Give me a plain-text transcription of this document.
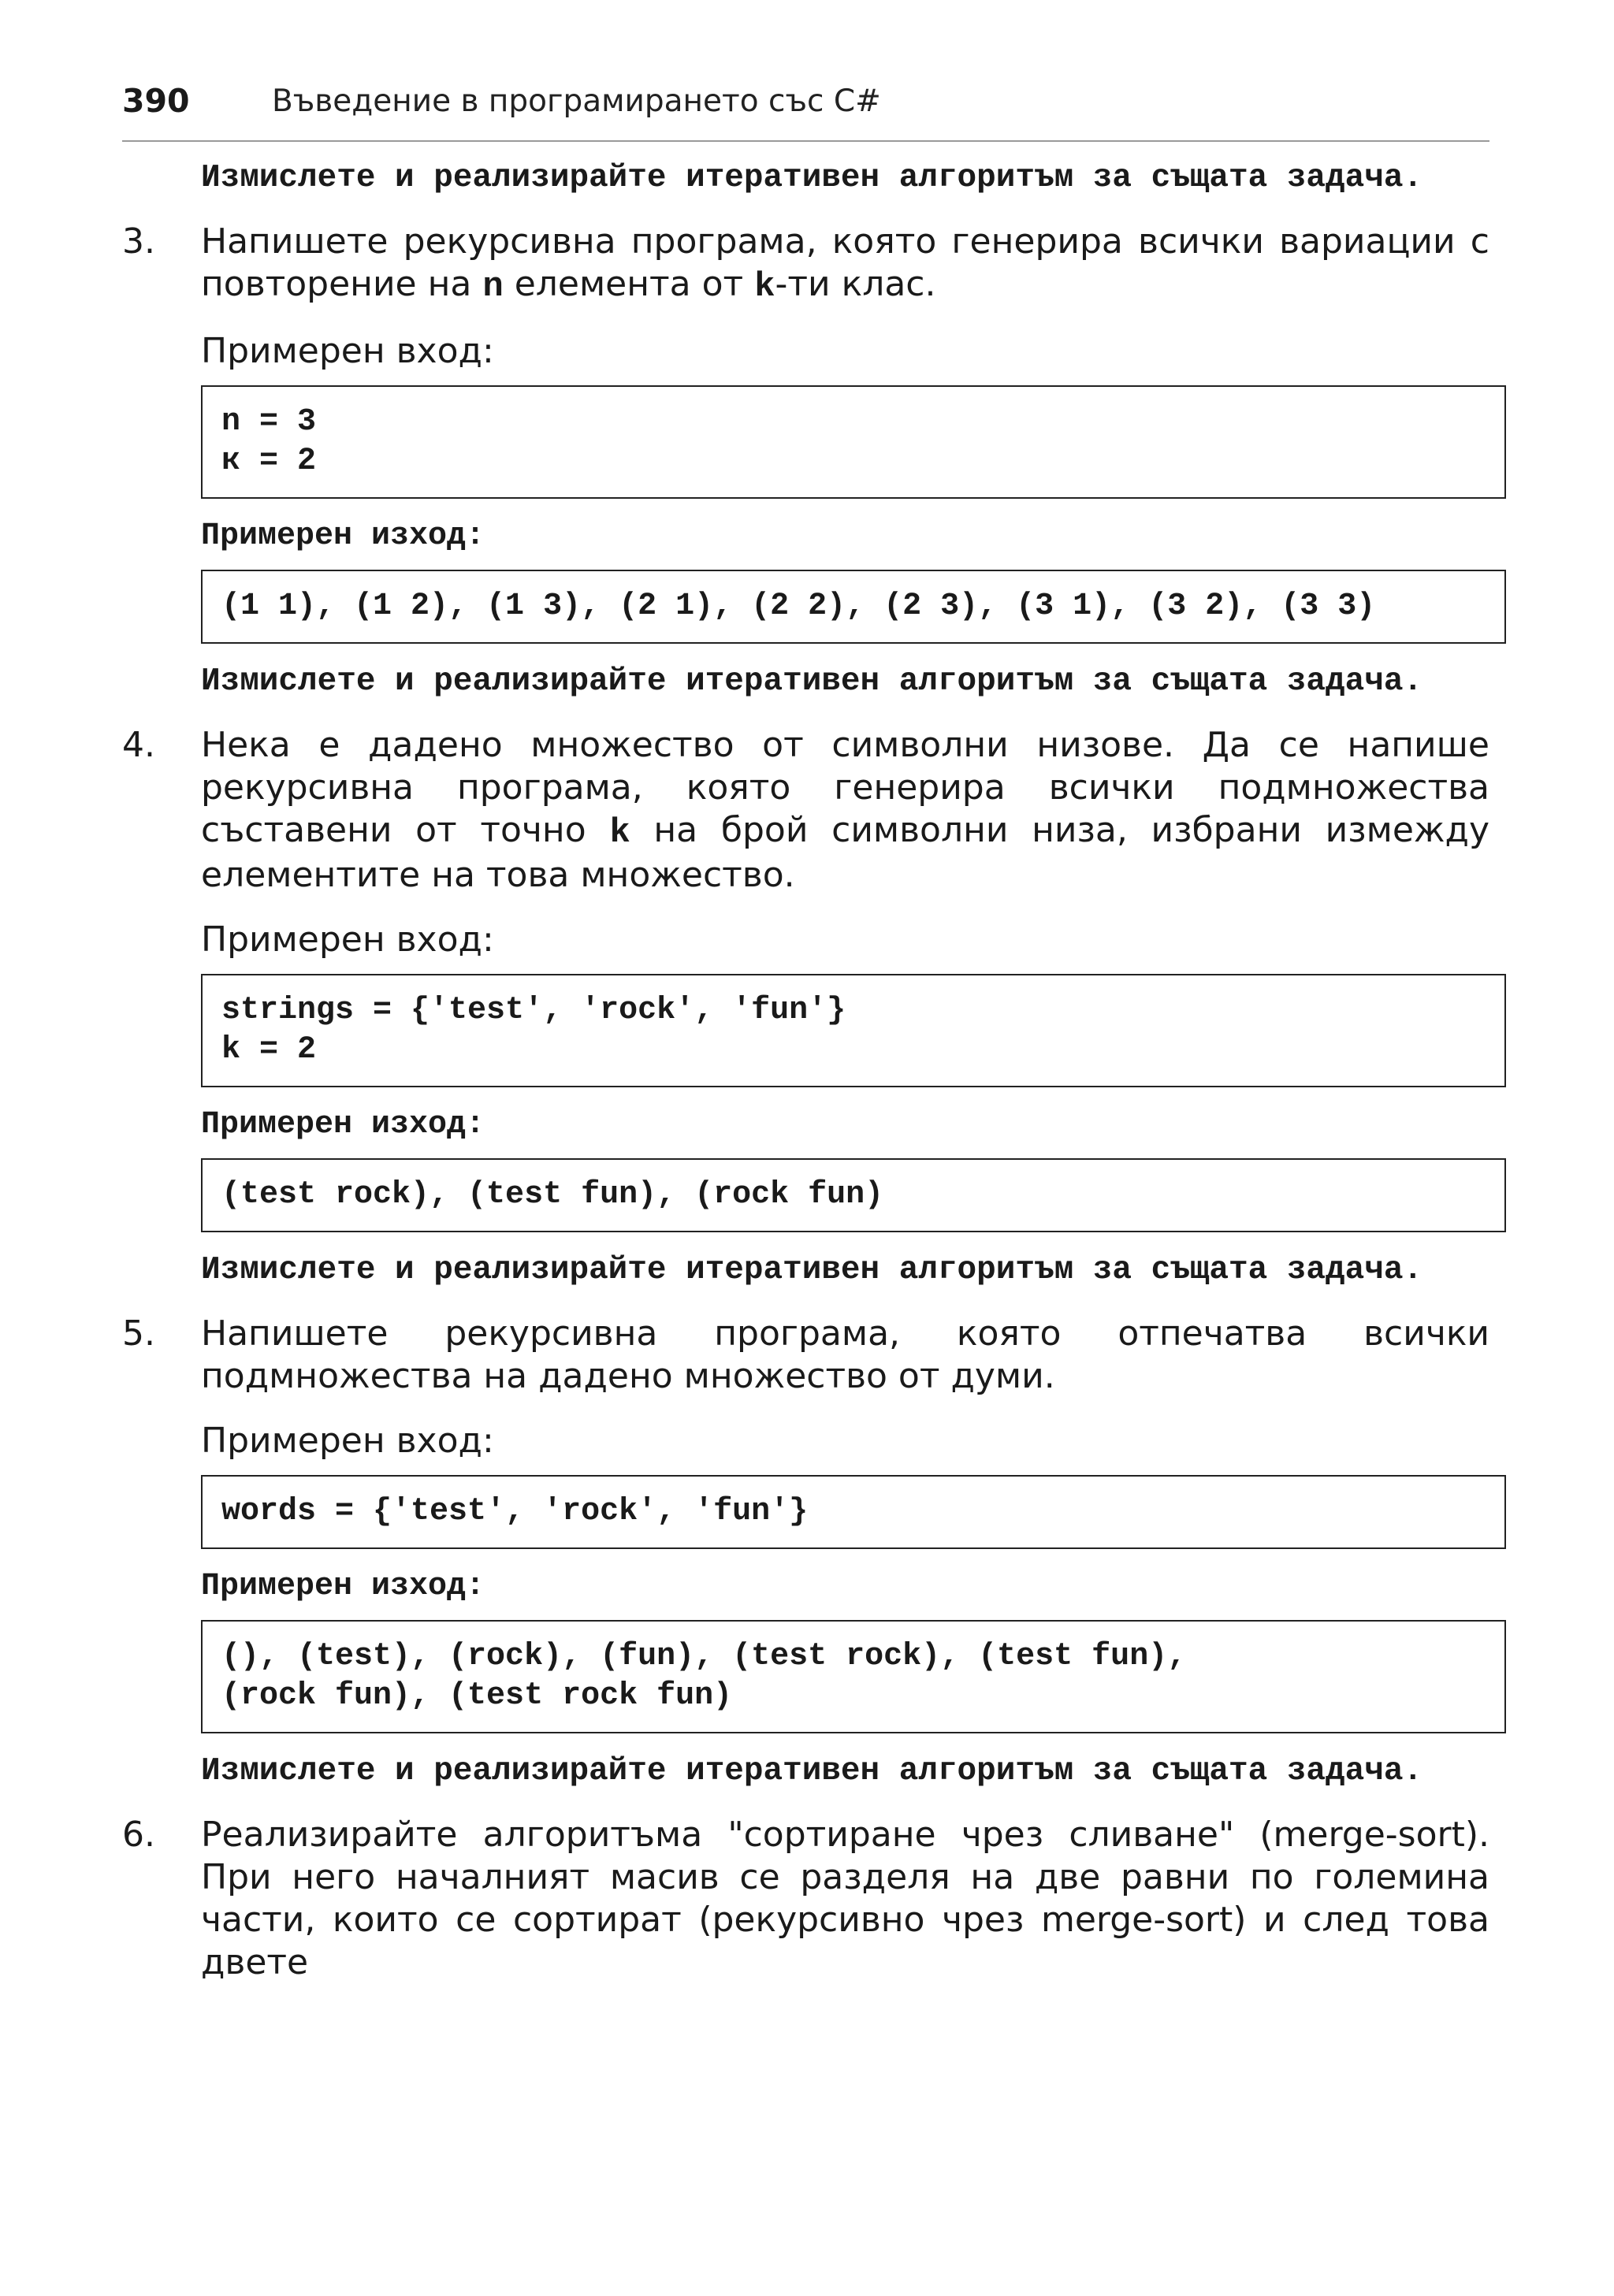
390	Въведение в програмирането със C#
Измислете и реализирайте итеративен алгоритъм за същата задача.
3. Напишете рекурсивна програма, която генерира всички вариации с повторение на n елемента от k-ти клас.
Примерен вход:
n = 3
к = 2
Примерен изход:
(1 1), (1 2), (1 3), (2 1), (2 2), (2 3), (3 1), (3 2), (3 3)
Измислете и реализирайте итеративен алгоритъм за същата задача.
4. Нека е дадено множество от символни низове. Да се напише рекурсивна програма, която генерира всички подмножества съставени от точно k на брой символни низа, избрани измежду елементите на това множество.
Примерен вход:
strings = {'test', 'rock', 'fun'}
k = 2
Примерен изход:
(test rock), (test fun), (rock fun)
Измислете и реализирайте итеративен алгоритъм за същата задача.
5. Напишете рекурсивна програма, която отпечатва всички подмножества на дадено множество от думи.
Примерен вход:
words = {'test', 'rock', 'fun'}
Примерен изход:
(), (test), (rock), (fun), (test rock), (test fun),
(rock fun), (test rock fun)
Измислете и реализирайте итеративен алгоритъм за същата задача.
6. Реализирайте алгоритъма "сортиране чрез сливане" (merge-sort). При него началният масив се разделя на две равни по големина части, които се сортират (рекурсивно чрез merge-sort) и след това двете
